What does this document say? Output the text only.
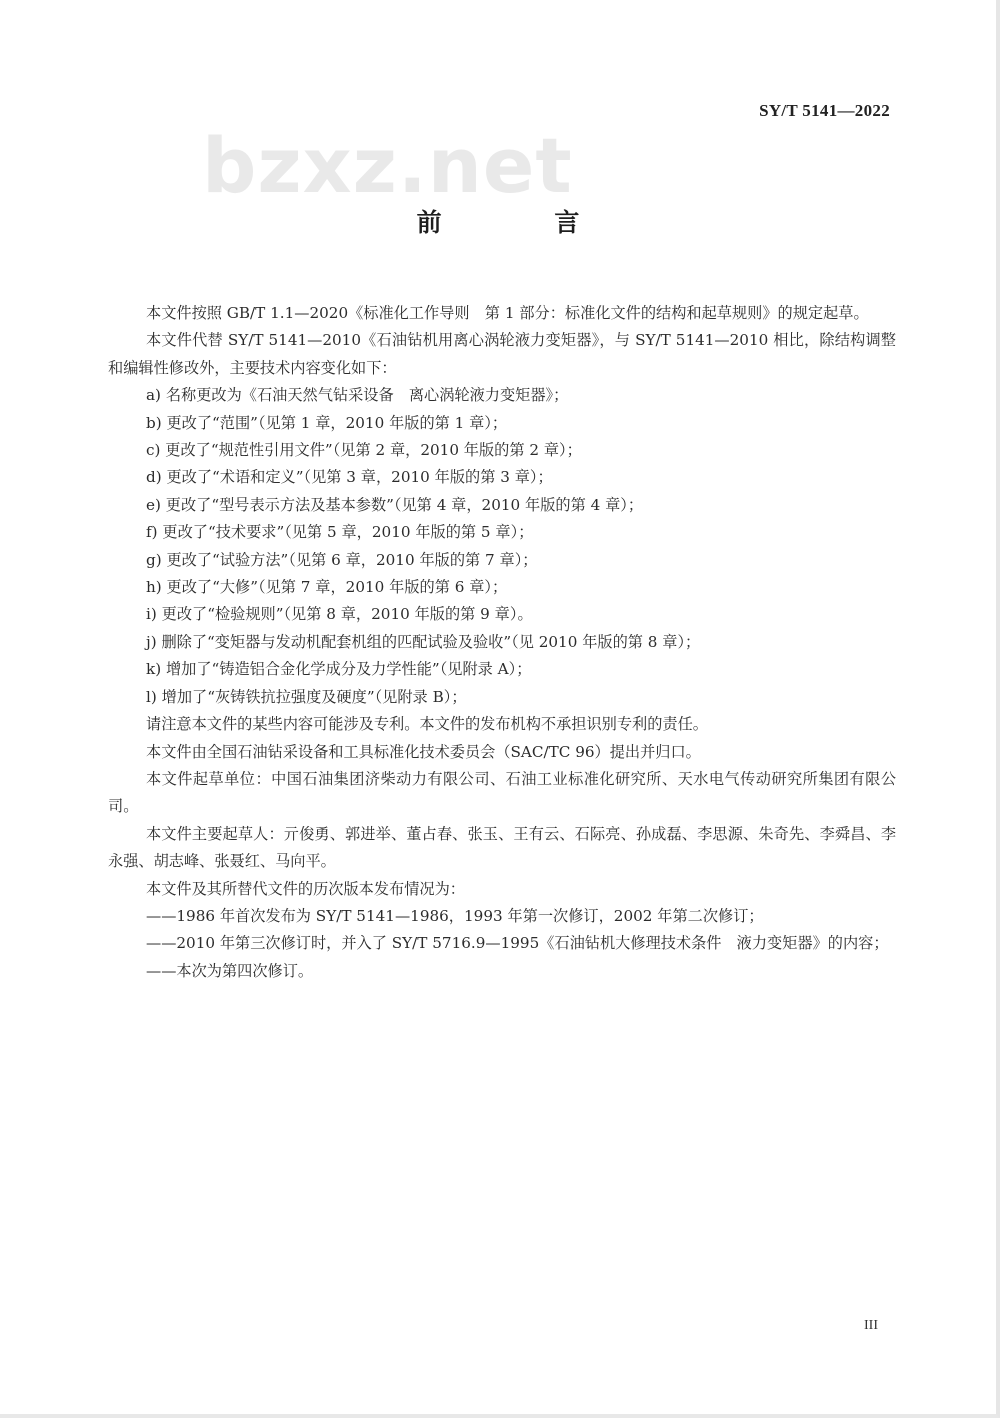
SY/T 5141—2022
bzxz.net
前 言

本文件按照 GB/T 1.1—2020《标准化工作导则　第 1 部分：标准化文件的结构和起草规则》的规定起草。

本文件代替 SY/T 5141—2010《石油钻机用离心涡轮液力变矩器》，与 SY/T 5141—2010 相比，除结构调整和编辑性修改外，主要技术内容变化如下：

a) 名称更改为《石油天然气钻采设备　离心涡轮液力变矩器》；

b) 更改了“范围”（见第 1 章，2010 年版的第 1 章）；

c) 更改了“规范性引用文件”（见第 2 章，2010 年版的第 2 章）；

d) 更改了“术语和定义”（见第 3 章，2010 年版的第 3 章）；

e) 更改了“型号表示方法及基本参数”（见第 4 章，2010 年版的第 4 章）；

f) 更改了“技术要求”（见第 5 章，2010 年版的第 5 章）；

g) 更改了“试验方法”（见第 6 章，2010 年版的第 7 章）；

h) 更改了“大修”（见第 7 章，2010 年版的第 6 章）；

i) 更改了“检验规则”（见第 8 章，2010 年版的第 9 章）。

j) 删除了“变矩器与发动机配套机组的匹配试验及验收”（见 2010 年版的第 8 章）；

k) 增加了“铸造铝合金化学成分及力学性能”（见附录 A）；

l) 增加了“灰铸铁抗拉强度及硬度”（见附录 B）；

请注意本文件的某些内容可能涉及专利。本文件的发布机构不承担识别专利的责任。

本文件由全国石油钻采设备和工具标准化技术委员会（SAC/TC 96）提出并归口。

本文件起草单位：中国石油集团济柴动力有限公司、石油工业标准化研究所、天水电气传动研究所集团有限公司。

本文件主要起草人：亓俊勇、郭进举、董占春、张玉、王有云、石际亮、孙成磊、李思源、朱奇先、李舜昌、李永强、胡志峰、张聂红、马向平。

本文件及其所替代文件的历次版本发布情况为：

——1986 年首次发布为 SY/T 5141—1986，1993 年第一次修订，2002 年第二次修订；

——2010 年第三次修订时，并入了 SY/T 5716.9—1995《石油钻机大修理技术条件　液力变矩器》的内容；

——本次为第四次修订。

III
